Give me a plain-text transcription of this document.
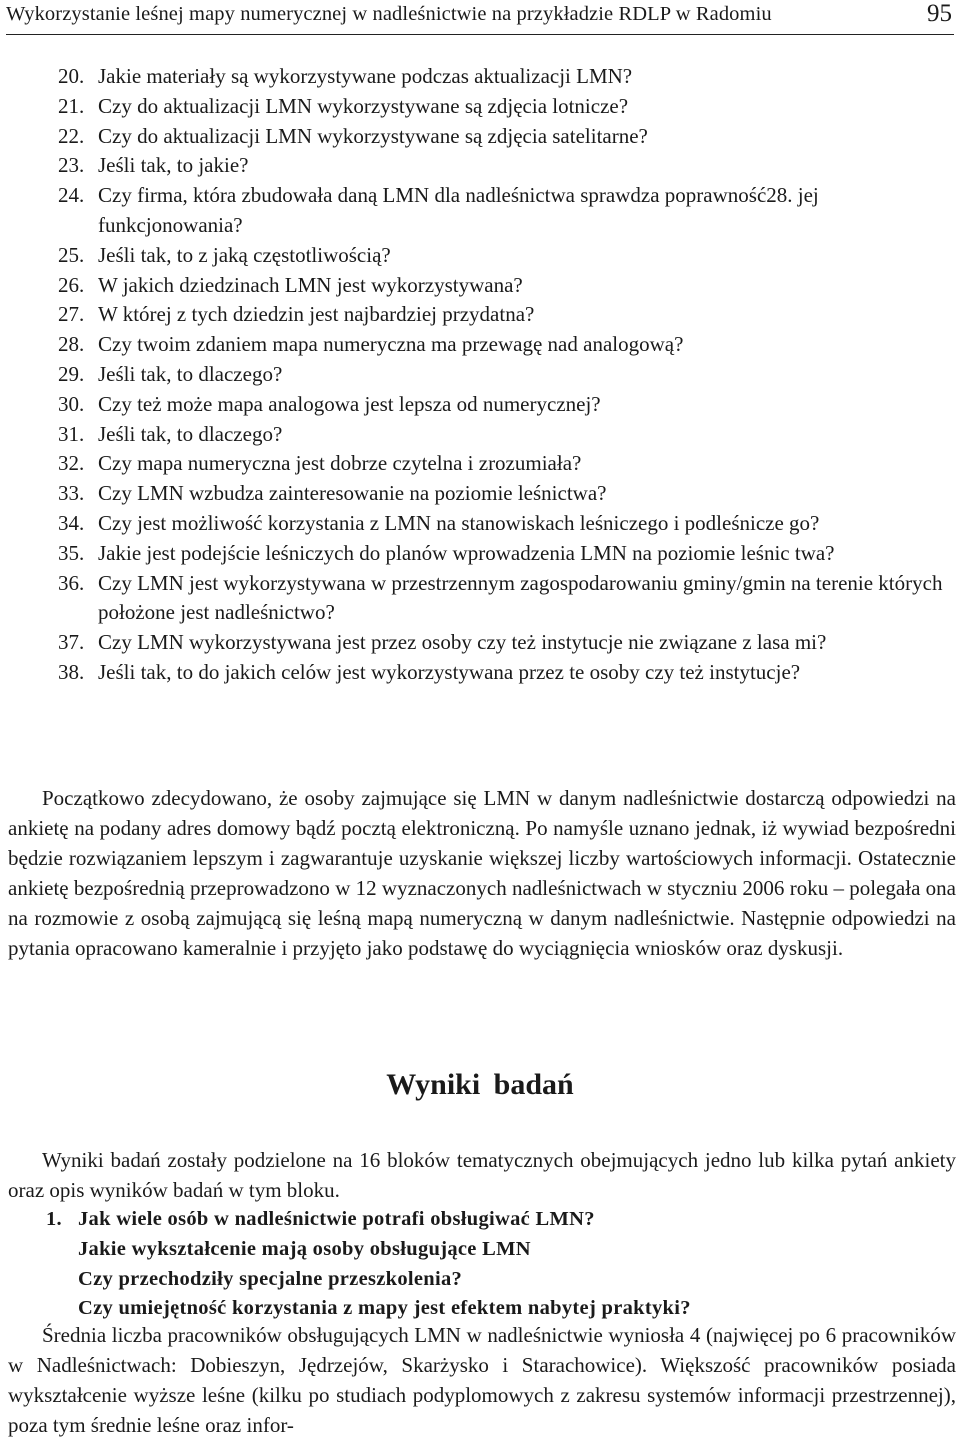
Wykorzystanie leśnej mapy numerycznej w nadleśnictwie na przykładzie RDLP w Radomiu	95
20. Jakie materiały są wykorzystywane podczas aktualizacji LMN?
21. Czy do aktualizacji LMN wykorzystywane są zdjęcia lotnicze?
22. Czy do aktualizacji LMN wykorzystywane są zdjęcia satelitarne?
23. Jeśli tak, to jakie?
24. Czy firma, która zbudowała daną LMN dla nadleśnictwa sprawdza poprawność28. jej funkcjonowania?
25. Jeśli tak, to z jaką częstotliwością?
26. W jakich dziedzinach LMN jest wykorzystywana?
27. W której z tych dziedzin jest najbardziej przydatna?
28. Czy twoim zdaniem mapa numeryczna ma przewagę nad analogową?
29. Jeśli tak, to dlaczego?
30. Czy też może mapa analogowa jest lepsza od numerycznej?
31. Jeśli tak, to dlaczego?
32. Czy mapa numeryczna jest dobrze czytelna i zrozumiała?
33. Czy LMN wzbudza zainteresowanie na poziomie leśnictwa?
34. Czy jest możliwość korzystania z LMN na stanowiskach leśniczego i podleśnicze go?
35. Jakie jest podejście leśniczych do planów wprowadzenia LMN na poziomie leśnic twa?
36. Czy LMN jest wykorzystywana w przestrzennym zagospodarowaniu gminy/gmin na terenie których położone jest nadleśnictwo?
37. Czy LMN wykorzystywana jest przez osoby czy też instytucje nie związane z lasa mi?
38. Jeśli tak, to do jakich celów jest wykorzystywana przez te osoby czy też instytucje?

Początkowo zdecydowano, że osoby zajmujące się LMN w danym nadleśnictwie dostarczą odpowiedzi na ankietę na podany adres domowy bądź pocztą elektroniczną. Po namyśle uznano jednak, iż wywiad bezpośredni będzie rozwiązaniem lepszym i zagwarantuje uzyskanie większej liczby wartościowych informacji. Ostatecznie ankietę bezpośrednią przeprowadzono w 12 wyznaczonych nadleśnictwach w styczniu 2006 roku – polegała ona na rozmowie z osobą zajmującą się leśną mapą numeryczną w danym nadleśnictwie. Następnie odpowiedzi na pytania opracowano kameralnie i przyjęto jako podstawę do wyciągnięcia wniosków oraz dyskusji.

Wyniki badań

Wyniki badań zostały podzielone na 16 bloków tematycznych obejmujących jedno lub kilka pytań ankiety oraz opis wyników badań w tym bloku.

1. Jak wiele osób w nadleśnictwie potrafi obsługiwać LMN?
Jakie wykształcenie mają osoby obsługujące LMN
Czy przechodziły specjalne przeszkolenia?
Czy umiejętność korzystania z mapy jest efektem nabytej praktyki?

Średnia liczba pracowników obsługujących LMN w nadleśnictwie wyniosła 4 (najwięcej po 6 pracowników w Nadleśnictwach: Dobieszyn, Jędrzejów, Skarżysko i Starachowice). Większość pracowników posiada wykształcenie wyższe leśne (kilku po studiach podyplomowych z zakresu systemów informacji przestrzennej), poza tym średnie leśne oraz infor-
